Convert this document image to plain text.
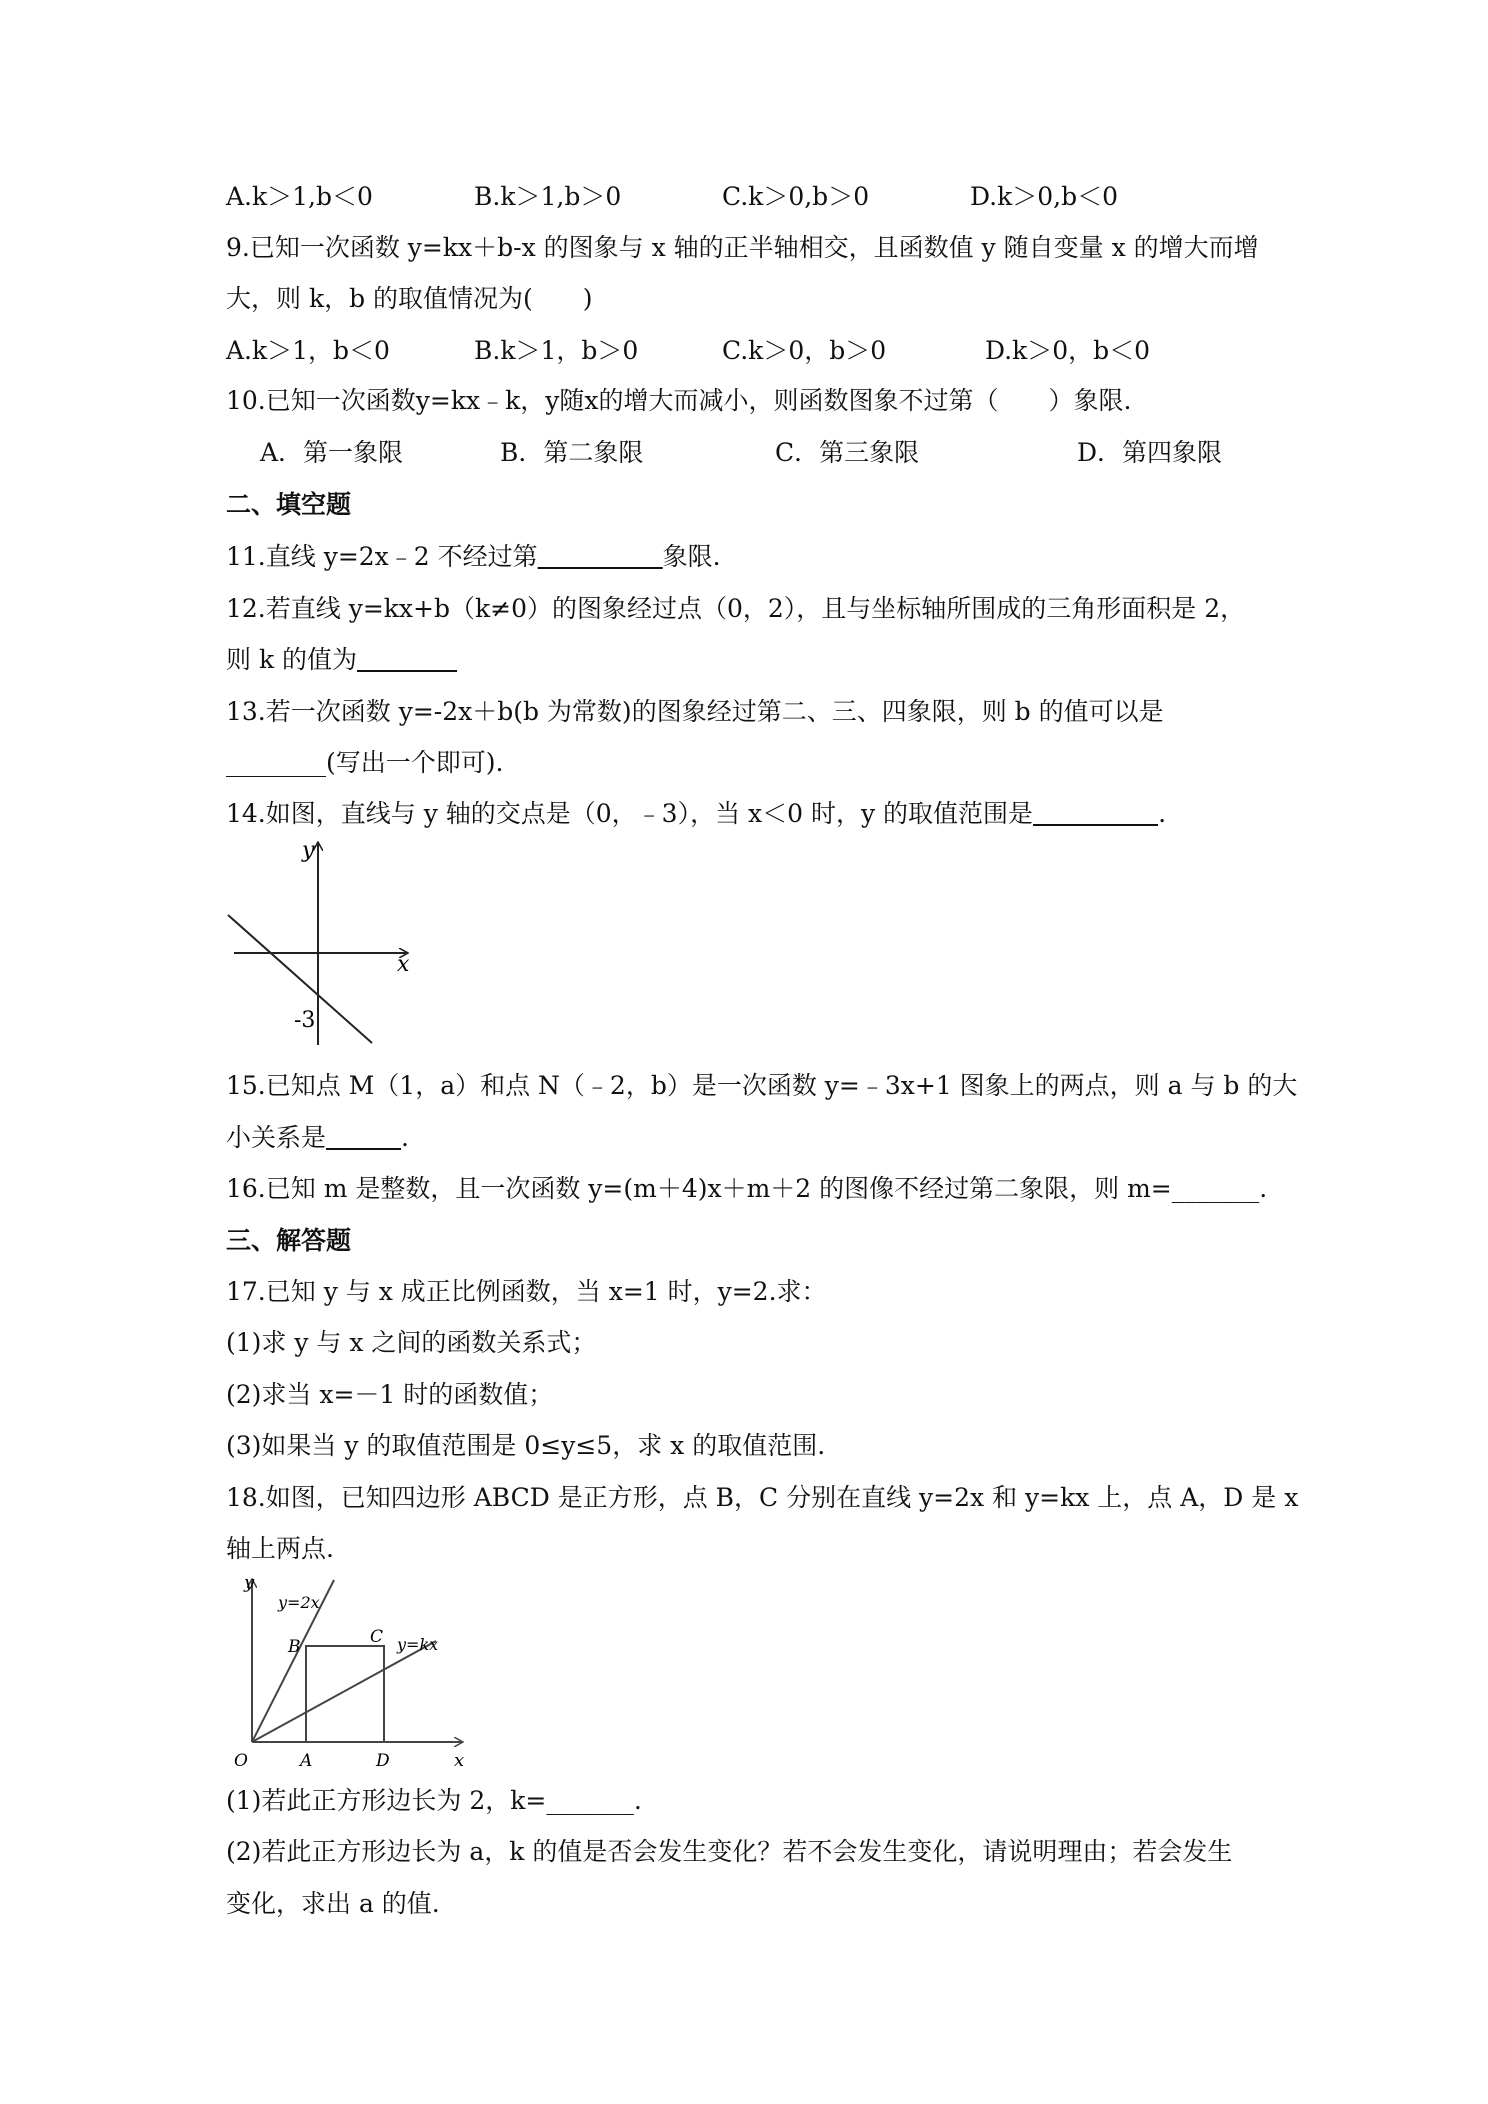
A.k＞1,b＜0	B.k＞1,b＞0	C.k＞0,b＞0	D.k＞0,b＜0
9.已知一次函数 y=kx＋b-x 的图象与 x 轴的正半轴相交，且函数值 y 随自变量 x 的增大而增
大，则 k，b 的取值情况为(　　)
A.k＞1，b＜0	B.k＞1，b＞0	C.k＞0，b＞0	D.k＞0，b＜0
10.已知一次函数y=kx﹣k，y随x的增大而减小，则函数图象不过第（　　）象限.
A．第一象限	B．第二象限	C．第三象限	D．第四象限
二、填空题
11.直线 y=2x﹣2 不经过第　　　　　	象限.
12.若直线 y=kx+b（k≠0）的图象经过点（0，2），且与坐标轴所围成的三角形面积是 2，
则 k 的值为　　　　
13.若一次函数 y=-2x＋b(b 为常数)的图象经过第二、三、四象限，则 b 的值可以是
________(写出一个即可).
14.如图，直线与 y 轴的交点是（0，﹣3），当 x＜0 时，y 的取值范围是　　　　　	.
y
x
-3
15.已知点 M（1，a）和点 N（﹣2，b）是一次函数 y=﹣3x+1 图象上的两点，则 a 与 b 的大
小关系是　　　	.
16.已知 m 是整数，且一次函数 y=(m＋4)x＋m＋2 的图像不经过第二象限，则 m=_______.
三、解答题
17.已知 y 与 x 成正比例函数，当 x=1 时，y=2.求：
(1)求 y 与 x 之间的函数关系式；
(2)求当 x=－1 时的函数值；
(3)如果当 y 的取值范围是 0≤y≤5，求 x 的取值范围.
18.如图，已知四边形 ABCD 是正方形，点 B，C 分别在直线 y=2x 和 y=kx 上，点 A，D 是 x
轴上两点.
y
x
y=2x
y=kx
B	C
O	A	D
(1)若此正方形边长为 2，k=_______.
(2)若此正方形边长为 a，k 的值是否会发生变化？若不会发生变化，请说明理由；若会发生
变化，求出 a 的值.
